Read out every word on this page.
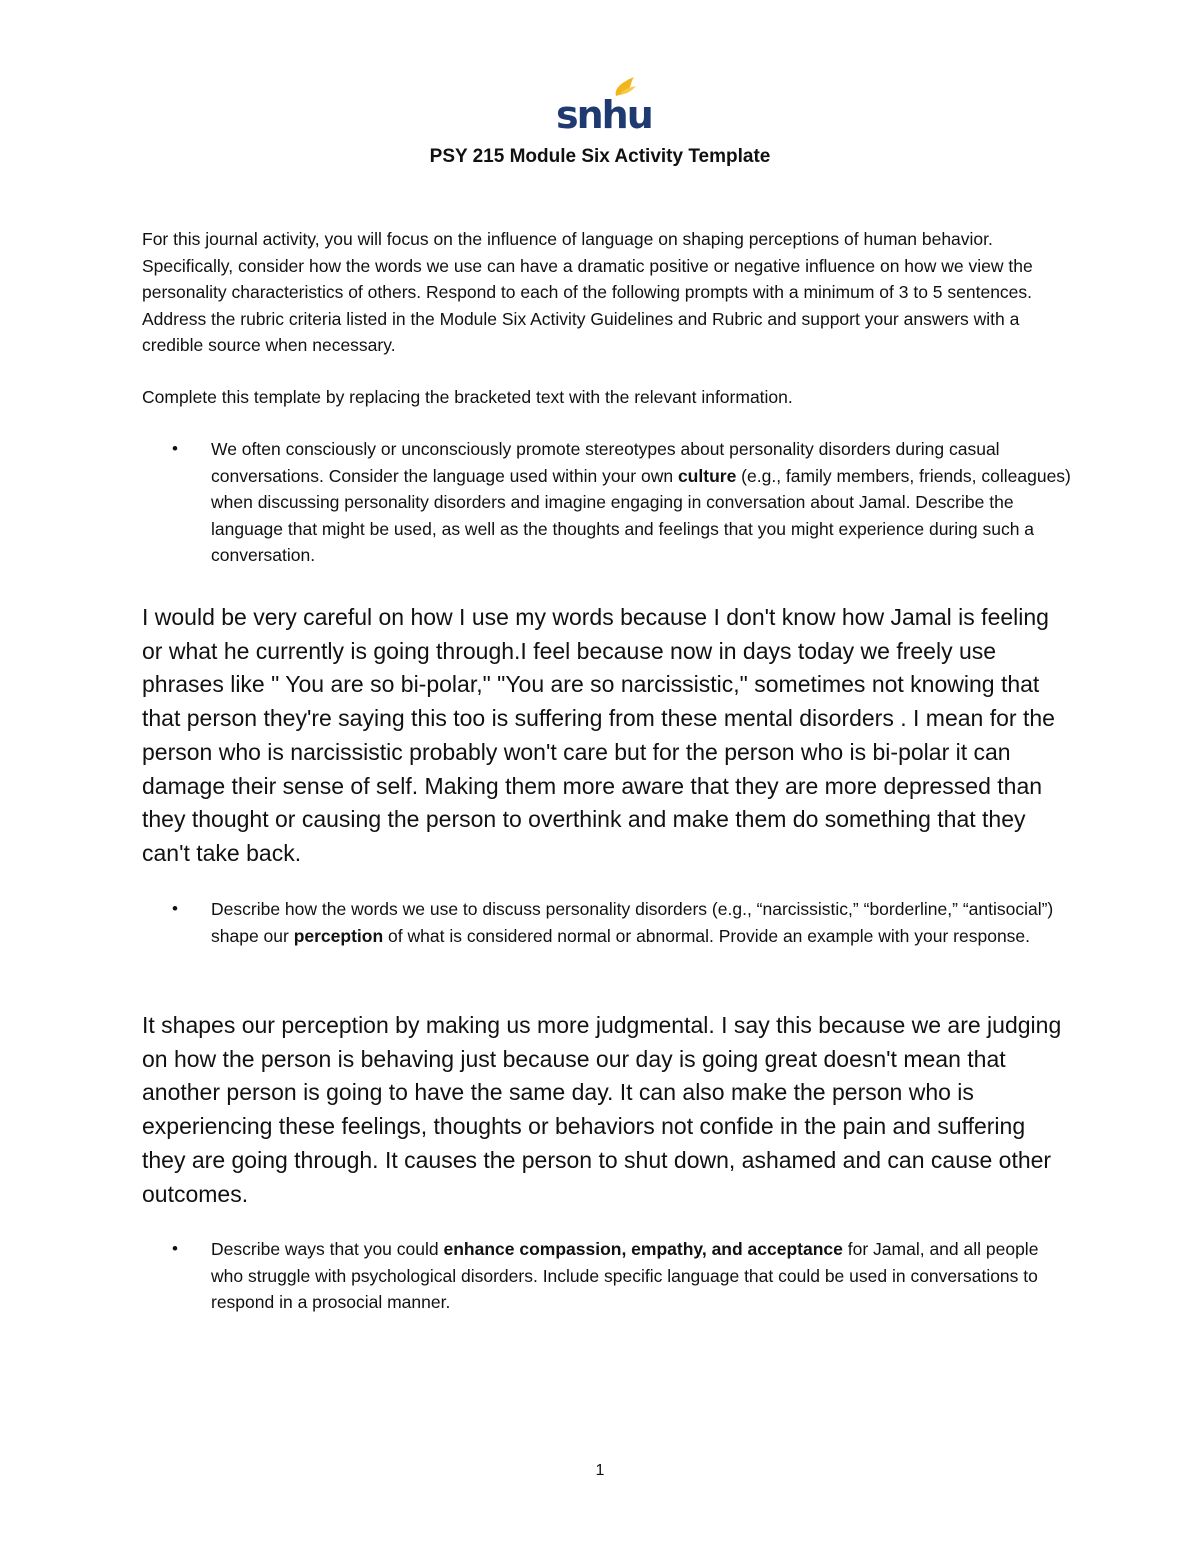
snhu
PSY 215 Module Six Activity Template

For this journal activity, you will focus on the influence of language on shaping perceptions of human behavior. Specifically, consider how the words we use can have a dramatic positive or negative influence on how we view the personality characteristics of others. Respond to each of the following prompts with a minimum of 3 to 5 sentences. Address the rubric criteria listed in the Module Six Activity Guidelines and Rubric and support your answers with a credible source when necessary.

Complete this template by replacing the bracketed text with the relevant information.

•	We often consciously or unconsciously promote stereotypes about personality disorders during casual conversations. Consider the language used within your own culture (e.g., family members, friends, colleagues) when discussing personality disorders and imagine engaging in conversation about Jamal. Describe the language that might be used, as well as the thoughts and feelings that you might experience during such a conversation.

I would be very careful on how I use my words because I don't know how Jamal is feeling or what he currently is going through.I feel because now in days today we freely use phrases like " You are so bi-polar," "You are so narcissistic," sometimes not knowing that that person they're saying this too is suffering from these mental disorders . I mean for the person who is narcissistic probably won't care but for the person who is bi-polar it can damage their sense of self. Making them more aware that they are more depressed than they thought or causing the person to overthink and make them do something that they can't take back.

•	Describe how the words we use to discuss personality disorders (e.g., “narcissistic,” “borderline,” “antisocial”) shape our perception of what is considered normal or abnormal. Provide an example with your response.

It shapes our perception by making us more judgmental. I say this because we are judging on how the person is behaving just because our day is going great doesn't mean that another person is going to have the same day. It can also make the person who is experiencing these feelings, thoughts or behaviors not confide in the pain and suffering they are going through. It causes the person to shut down, ashamed and can cause other outcomes.

•	Describe ways that you could enhance compassion, empathy, and acceptance for Jamal, and all people who struggle with psychological disorders. Include specific language that could be used in conversations to respond in a prosocial manner.

1
